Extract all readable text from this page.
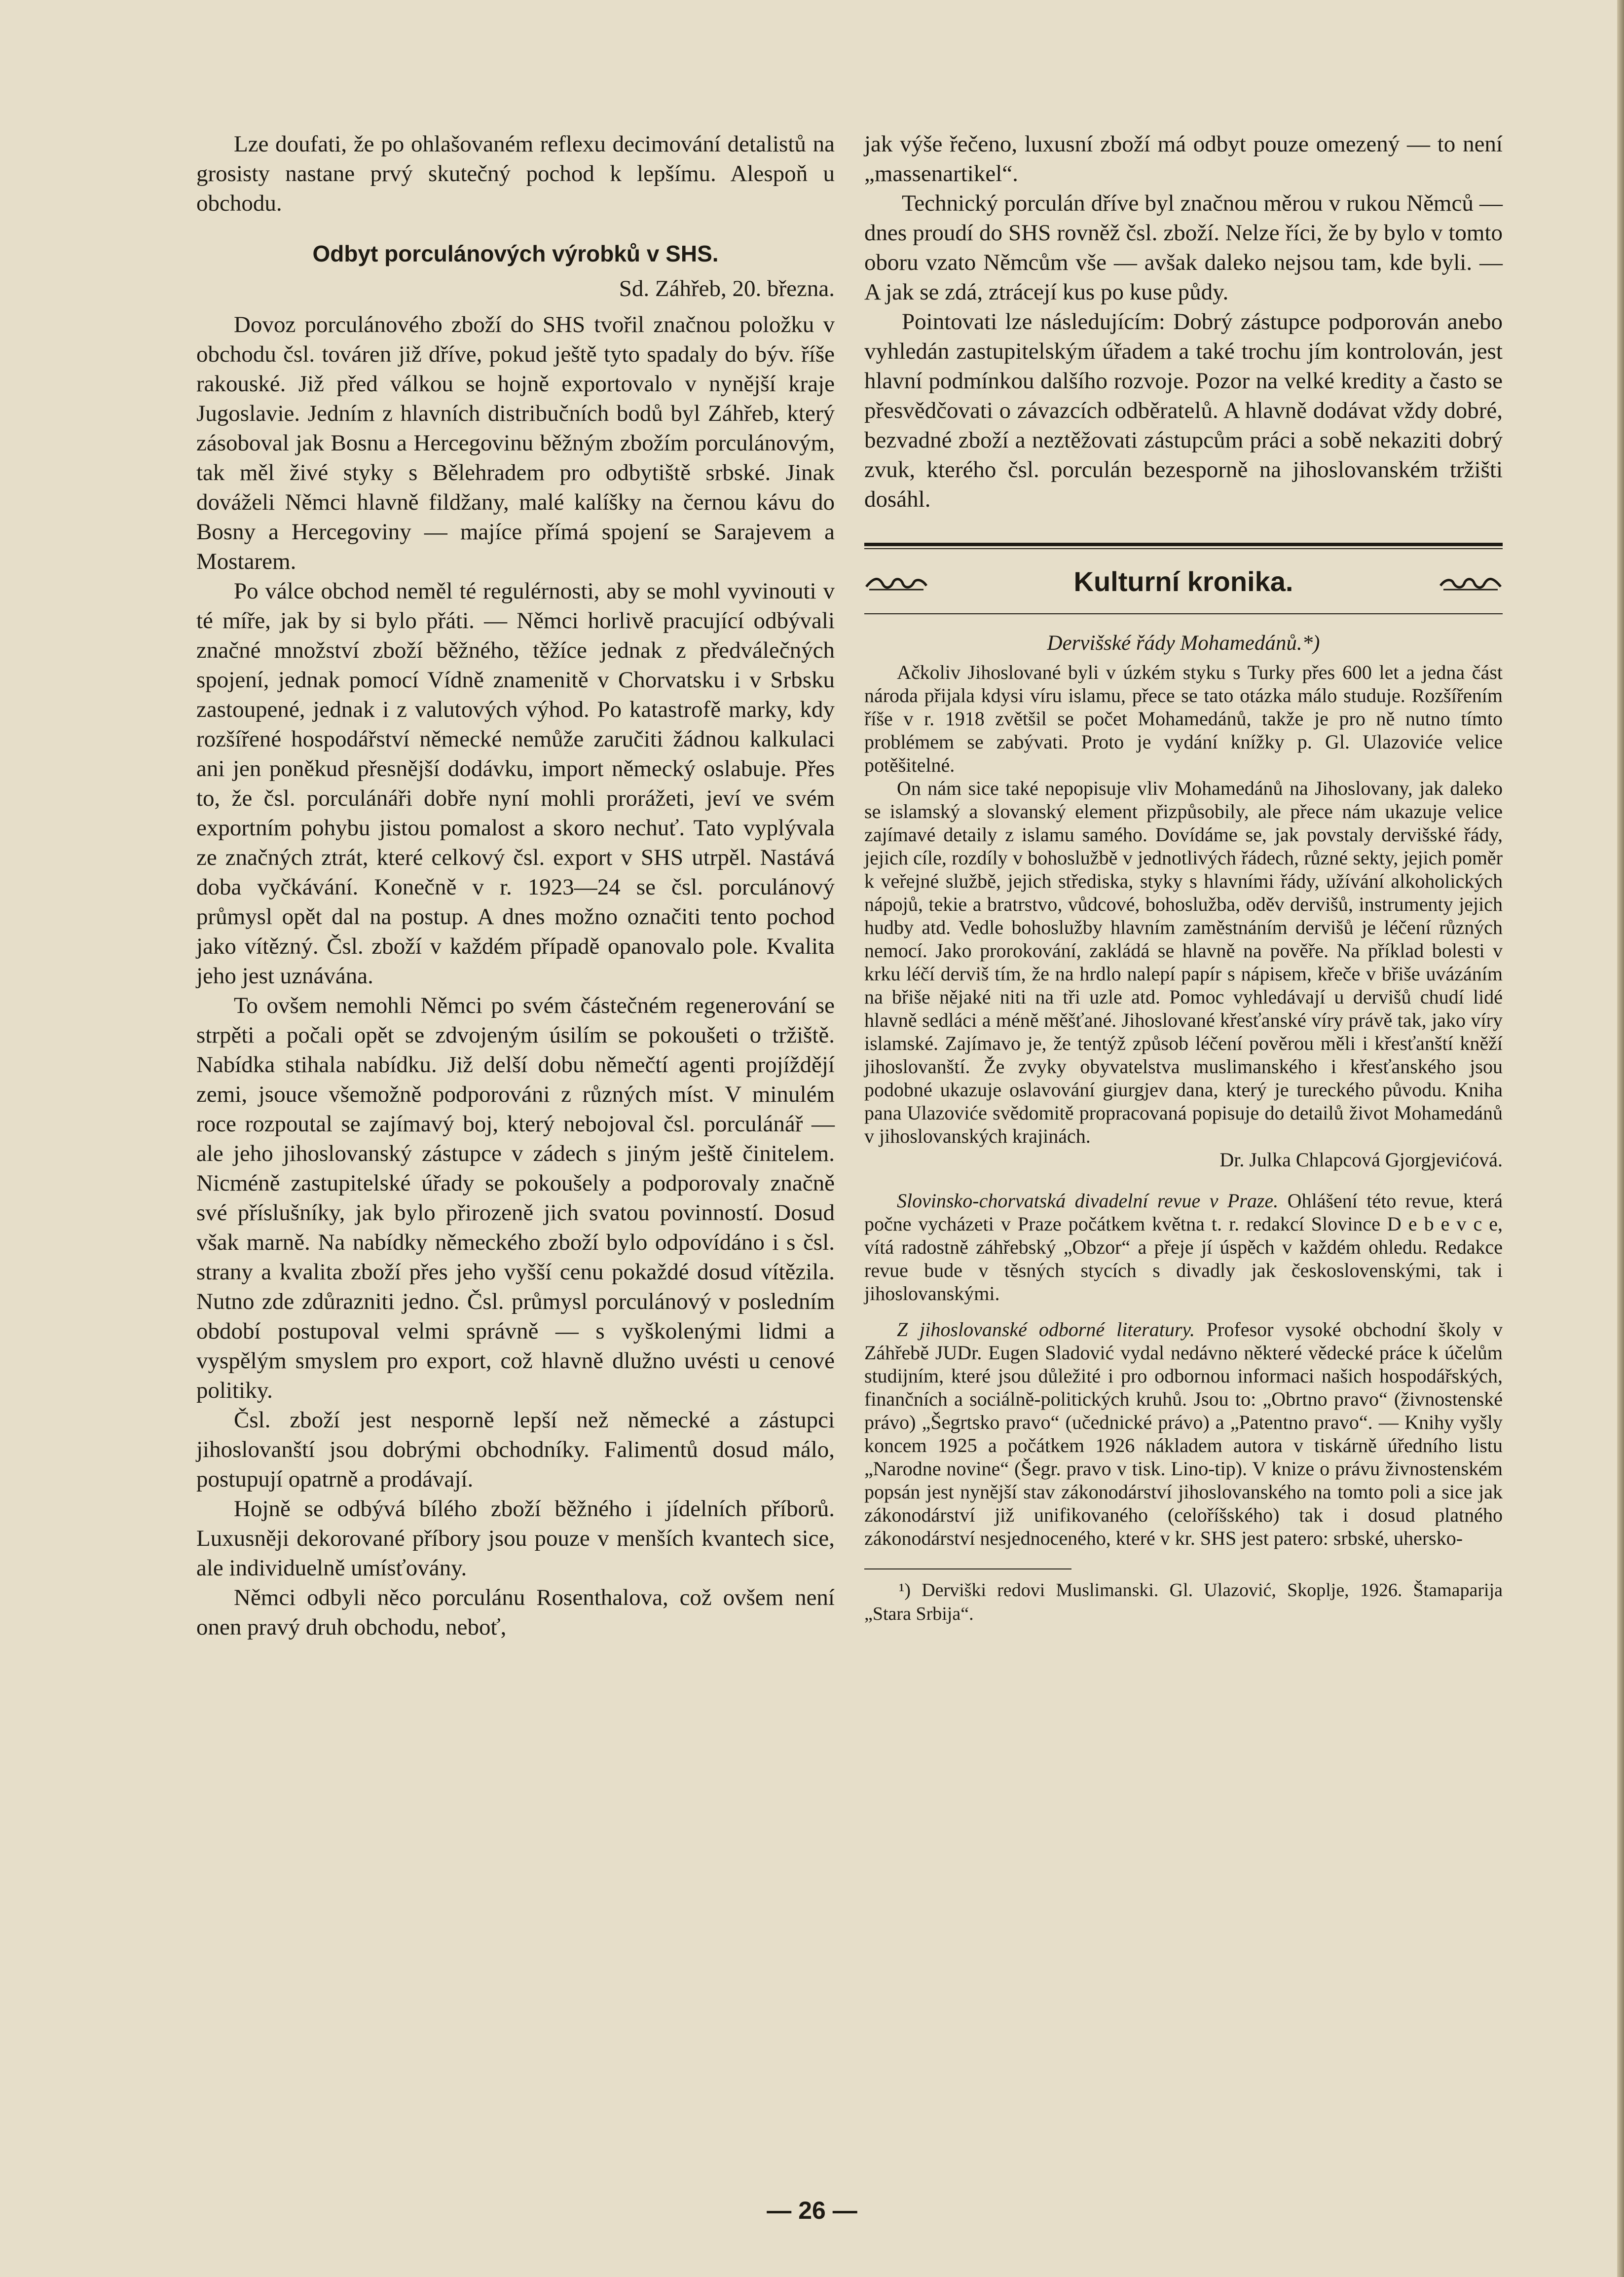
Lze doufati, že po ohlašovaném reflexu decimování detalistů na grosisty nastane prvý skutečný pochod k lepšímu. Alespoň u obchodu.

Odbyt porculánových výrobků v SHS.
Sd. Záhřeb, 20. března.

Dovoz porculánového zboží do SHS tvořil značnou položku v obchodu čsl. továren již dříve, pokud ještě tyto spadaly do býv. říše rakouské. Již před válkou se hojně exportovalo v nynější kraje Jugoslavie. Jedním z hlavních distribučních bodů byl Záhřeb, který zásoboval jak Bosnu a Hercegovinu běžným zbožím porculánovým, tak měl živé styky s Bělehradem pro odbytiště srbské. Jinak dováželi Němci hlavně fildžany, malé kalíšky na černou kávu do Bosny a Hercegoviny — majíce přímá spojení se Sarajevem a Mostarem.

Po válce obchod neměl té regulérnosti, aby se mohl vyvinouti v té míře, jak by si bylo přáti. — Němci horlivě pracující odbývali značné množství zboží běžného, těžíce jednak z předválečných spojení, jednak pomocí Vídně znamenitě v Chorvatsku i v Srbsku zastoupené, jednak i z valutových výhod. Po katastrofě marky, kdy rozšířené hospodářství německé nemůže zaručiti žádnou kalkulaci ani jen poněkud přesnější dodávku, import německý oslabuje. Přes to, že čsl. porculánáři dobře nyní mohli prorážeti, jeví ve svém exportním pohybu jistou pomalost a skoro nechuť. Tato vyplývala ze značných ztrát, které celkový čsl. export v SHS utrpěl. Nastává doba vyčkávání. Konečně v r. 1923—24 se čsl. porculánový průmysl opět dal na postup. A dnes možno označiti tento pochod jako vítězný. Čsl. zboží v každém případě opanovalo pole. Kvalita jeho jest uznávána.

To ovšem nemohli Němci po svém částečném regenerování se strpěti a počali opět se zdvojeným úsilím se pokoušeti o tržiště. Nabídka stihala nabídku. Již delší dobu němečtí agenti projíždějí zemi, jsouce všemožně podporováni z různých míst. V minulém roce rozpoutal se zajímavý boj, který nebojoval čsl. porculánář — ale jeho jihoslovanský zástupce v zádech s jiným ještě činitelem. Nicméně zastupitelské úřady se pokoušely a podporovaly značně své příslušníky, jak bylo přirozeně jich svatou povinností. Dosud však marně. Na nabídky německého zboží bylo odpovídáno i s čsl. strany a kvalita zboží přes jeho vyšší cenu pokaždé dosud vítězila. Nutno zde zdůrazniti jedno. Čsl. průmysl porculánový v posledním období postupoval velmi správně — s vyškolenými lidmi a vyspělým smyslem pro export, což hlavně dlužno uvésti u cenové politiky.

Čsl. zboží jest nesporně lepší než německé a zástupci jihoslovanští jsou dobrými obchodníky. Falimentů dosud málo, postupují opatrně a prodávají.

Hojně se odbývá bílého zboží běžného i jídelních příborů. Luxusněji dekorované příbory jsou pouze v menších kvantech sice, ale individuelně umísťovány.

Němci odbyli něco porculánu Rosenthalova, což ovšem není onen pravý druh obchodu, neboť,

jak výše řečeno, luxusní zboží má odbyt pouze omezený — to není „massenartikel“.

Technický porculán dříve byl značnou měrou v rukou Němců — dnes proudí do SHS rovněž čsl. zboží. Nelze říci, že by bylo v tomto oboru vzato Němcům vše — avšak daleko nejsou tam, kde byli. — A jak se zdá, ztrácejí kus po kuse půdy.

Pointovati lze následujícím: Dobrý zástupce podporován anebo vyhledán zastupitelským úřadem a také trochu jím kontrolován, jest hlavní podmínkou dalšího rozvoje. Pozor na velké kredity a často se přesvědčovati o závazcích odběratelů. A hlavně dodávat vždy dobré, bezvadné zboží a neztěžovati zástupcům práci a sobě nekaziti dobrý zvuk, kterého čsl. porculán bezesporně na jihoslovanském tržišti dosáhl.

Kulturní kronika.
Dervišské řády Mohamedánů.*)

Ačkoliv Jihoslované byli v úzkém styku s Turky přes 600 let a jedna část národa přijala kdysi víru islamu, přece se tato otázka málo studuje. Rozšířením říše v r. 1918 zvětšil se počet Mohamedánů, takže je pro ně nutno tímto problémem se zabývati. Proto je vydání knížky p. Gl. Ulazoviće velice potěšitelné.

On nám sice také nepopisuje vliv Mohamedánů na Jihoslovany, jak daleko se islamský a slovanský element přizpůsobily, ale přece nám ukazuje velice zajímavé detaily z islamu samého. Dovídáme se, jak povstaly dervišské řády, jejich cíle, rozdíly v bohoslužbě v jednotlivých řádech, různé sekty, jejich poměr k veřejné službě, jejich střediska, styky s hlavními řády, užívání alkoholických nápojů, tekie a bratrstvo, vůdcové, bohoslužba, oděv dervišů, instrumenty jejich hudby atd. Vedle bohoslužby hlavním zaměstnáním dervišů je léčení různých nemocí. Jako prorokování, zakládá se hlavně na pověře. Na příklad bolesti v krku léčí derviš tím, že na hrdlo nalepí papír s nápisem, křeče v břiše uvázáním na břiše nějaké niti na tři uzle atd. Pomoc vyhledávají u dervišů chudí lidé hlavně sedláci a méně měšťané. Jihoslované křesťanské víry právě tak, jako víry islamské. Zajímavo je, že tentýž způsob léčení pověrou měli i křesťanští kněží jihoslovanští. Že zvyky obyvatelstva muslimanského i křesťanského jsou podobné ukazuje oslavování giurgjev dana, který je tureckého původu. Kniha pana Ulazoviće svědomitě propracovaná popisuje do detailů život Mohamedánů v jihoslovanských krajinách.

Dr. Julka Chlapcová Gjorgjevićová.

Slovinsko-chorvatská divadelní revue v Praze. Ohlášení této revue, která počne vycházeti v Praze počátkem května t. r. redakcí Slovince D e b e v c e, vítá radostně záhřebský „Obzor“ a přeje jí úspěch v každém ohledu. Redakce revue bude v těsných stycích s divadly jak československými, tak i jihoslovanskými.

Z jihoslovanské odborné literatury. Profesor vysoké obchodní školy v Záhřebě JUDr. Eugen Sladović vydal nedávno některé vědecké práce k účelům studijním, které jsou důležité i pro odbornou informaci našich hospodářských, finančních a sociálně-politických kruhů. Jsou to: „Obrtno pravo“ (živnostenské právo) „Šegrtsko pravo“ (učednické právo) a „Patentno pravo“. — Knihy vyšly koncem 1925 a počátkem 1926 nákladem autora v tiskárně úředního listu „Narodne novine“ (Šegr. pravo v tisk. Lino-tip). V knize o právu živnostenském popsán jest nynější stav zákonodárství jihoslovanského na tomto poli a sice jak zákonodárství již unifikovaného (celoříšského) tak i dosud platného zákonodárství nesjednoceného, které v kr. SHS jest patero: srbské, uhersko-

¹) Derviški redovi Muslimanski. Gl. Ulazović, Skoplje, 1926. Štamaparija „Stara Srbija“.

— 26 —
